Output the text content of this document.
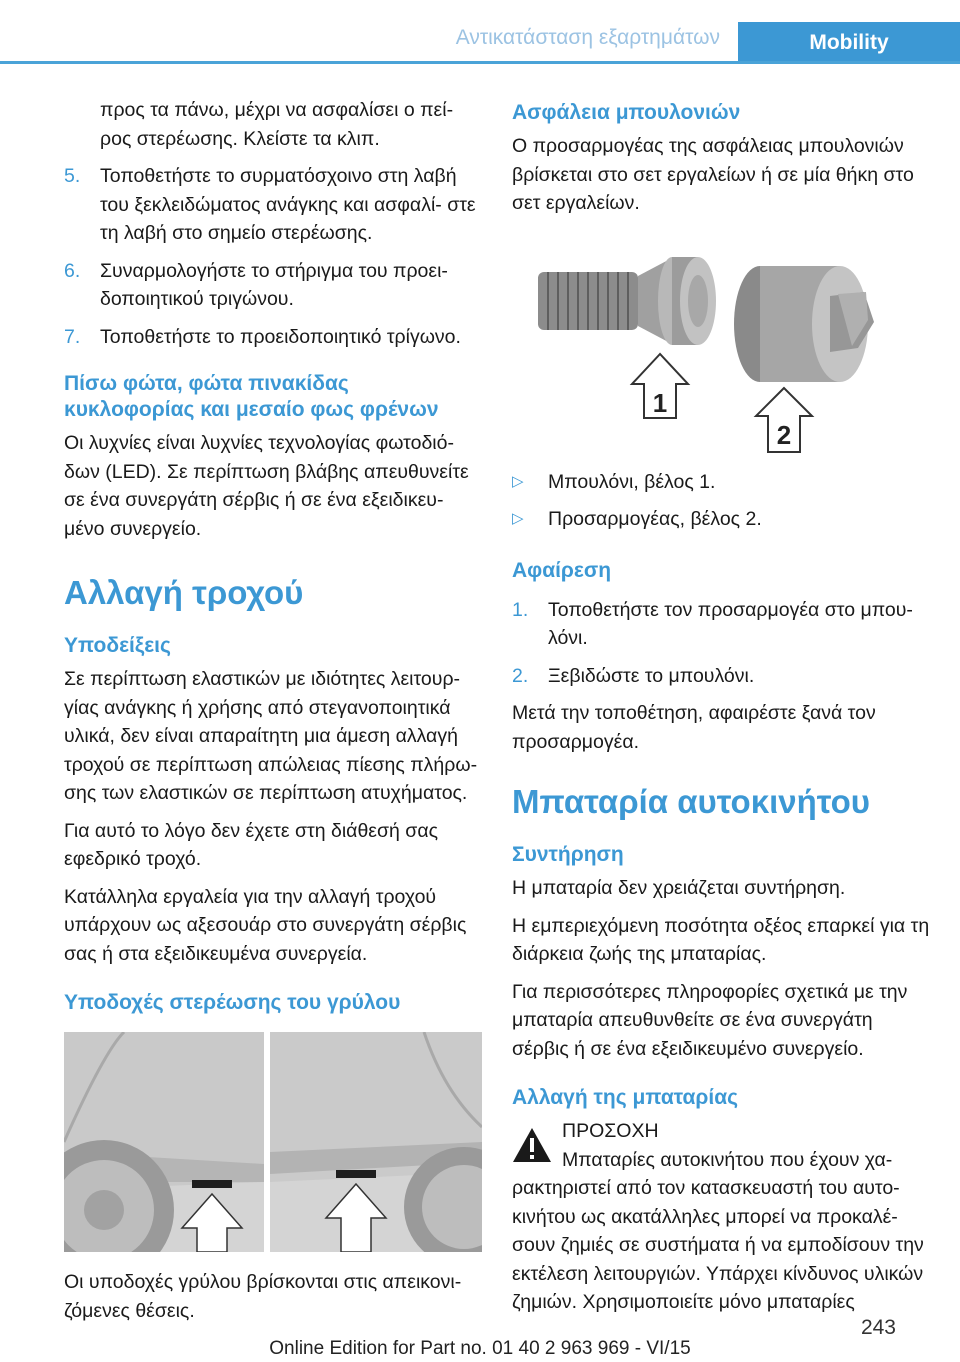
Αντικατάσταση εξαρτημάτων	Mobility
προς τα πάνω, μέχρι να ασφαλίσει ο πεί- ρος στερέωσης. Κλείστε τα κλιπ.
5.	Τοποθετήστε το συρματόσχοινο στη λαβή του ξεκλειδώματος ανάγκης και ασφαλί- στε τη λαβή στο σημείο στερέωσης.
6.	Συναρμολογήστε το στήριγμα του προει- δοποιητικού τριγώνου.
7.	Τοποθετήστε το προειδοποιητικό τρίγωνο.
Πίσω φώτα, φώτα πινακίδας κυκλοφορίας και μεσαίο φως φρένων

Οι λυχνίες είναι λυχνίες τεχνολογίας φωτοδιό- δων (LED). Σε περίπτωση βλάβης απευθυνείτε σε ένα συνεργάτη σέρβις ή σε ένα εξειδικευ- μένο συνεργείο.

Αλλαγή τροχού
Υποδείξεις

Σε περίπτωση ελαστικών με ιδιότητες λειτουρ- γίας ανάγκης ή χρήσης από στεγανοποιητικά υλικά, δεν είναι απαραίτητη μια άμεση αλλαγή τροχού σε περίπτωση απώλειας πίεσης πλήρω- σης των ελαστικών σε περίπτωση ατυχήματος.

Για αυτό το λόγο δεν έχετε στη διάθεσή σας εφεδρικό τροχό.

Κατάλληλα εργαλεία για την αλλαγή τροχού υπάρχουν ως αξεσουάρ στο συνεργάτη σέρβις σας ή στα εξειδικευμένα συνεργεία.

Υποδοχές στερέωσης του γρύλου

Οι υποδοχές γρύλου βρίσκονται στις απεικονι- ζόμενες θέσεις.

Ασφάλεια μπουλονιών

Ο προσαρμογέας της ασφάλειας μπουλονιών βρίσκεται στο σετ εργαλείων ή σε μία θήκη στο σετ εργαλείων.

1
2
▷	Μπουλόνι, βέλος 1.
▷	Προσαρμογέας, βέλος 2.
Αφαίρεση
1.	Τοποθετήστε τον προσαρμογέα στο μπου- λόνι.
2.	Ξεβιδώστε το μπουλόνι.

Μετά την τοποθέτηση, αφαιρέστε ξανά τον προσαρμογέα.

Μπαταρία αυτοκινήτου
Συντήρηση

Η μπαταρία δεν χρειάζεται συντήρηση.

Η εμπεριεχόμενη ποσότητα οξέος επαρκεί για τη διάρκεια ζωής της μπαταρίας.

Για περισσότερες πληροφορίες σχετικά με την μπαταρία απευθυνθείτε σε ένα συνεργάτη σέρβις ή σε ένα εξειδικευμένο συνεργείο.

Αλλαγή της μπαταρίας
ΠΡΟΣΟΧΗ
Μπαταρίες αυτοκινήτου που έχουν χα-

ρακτηριστεί από τον κατασκευαστή του αυτο- κινήτου ως ακατάλληλες μπορεί να προκαλέ- σουν ζημιές σε συστήματα ή να εμποδίσουν την εκτέλεση λειτουργιών. Υπάρχει κίνδυνος υλικών ζημιών. Χρησιμοποιείτε μόνο μπαταρίες

243
Online Edition for Part no. 01 40 2 963 969 - VI/15
